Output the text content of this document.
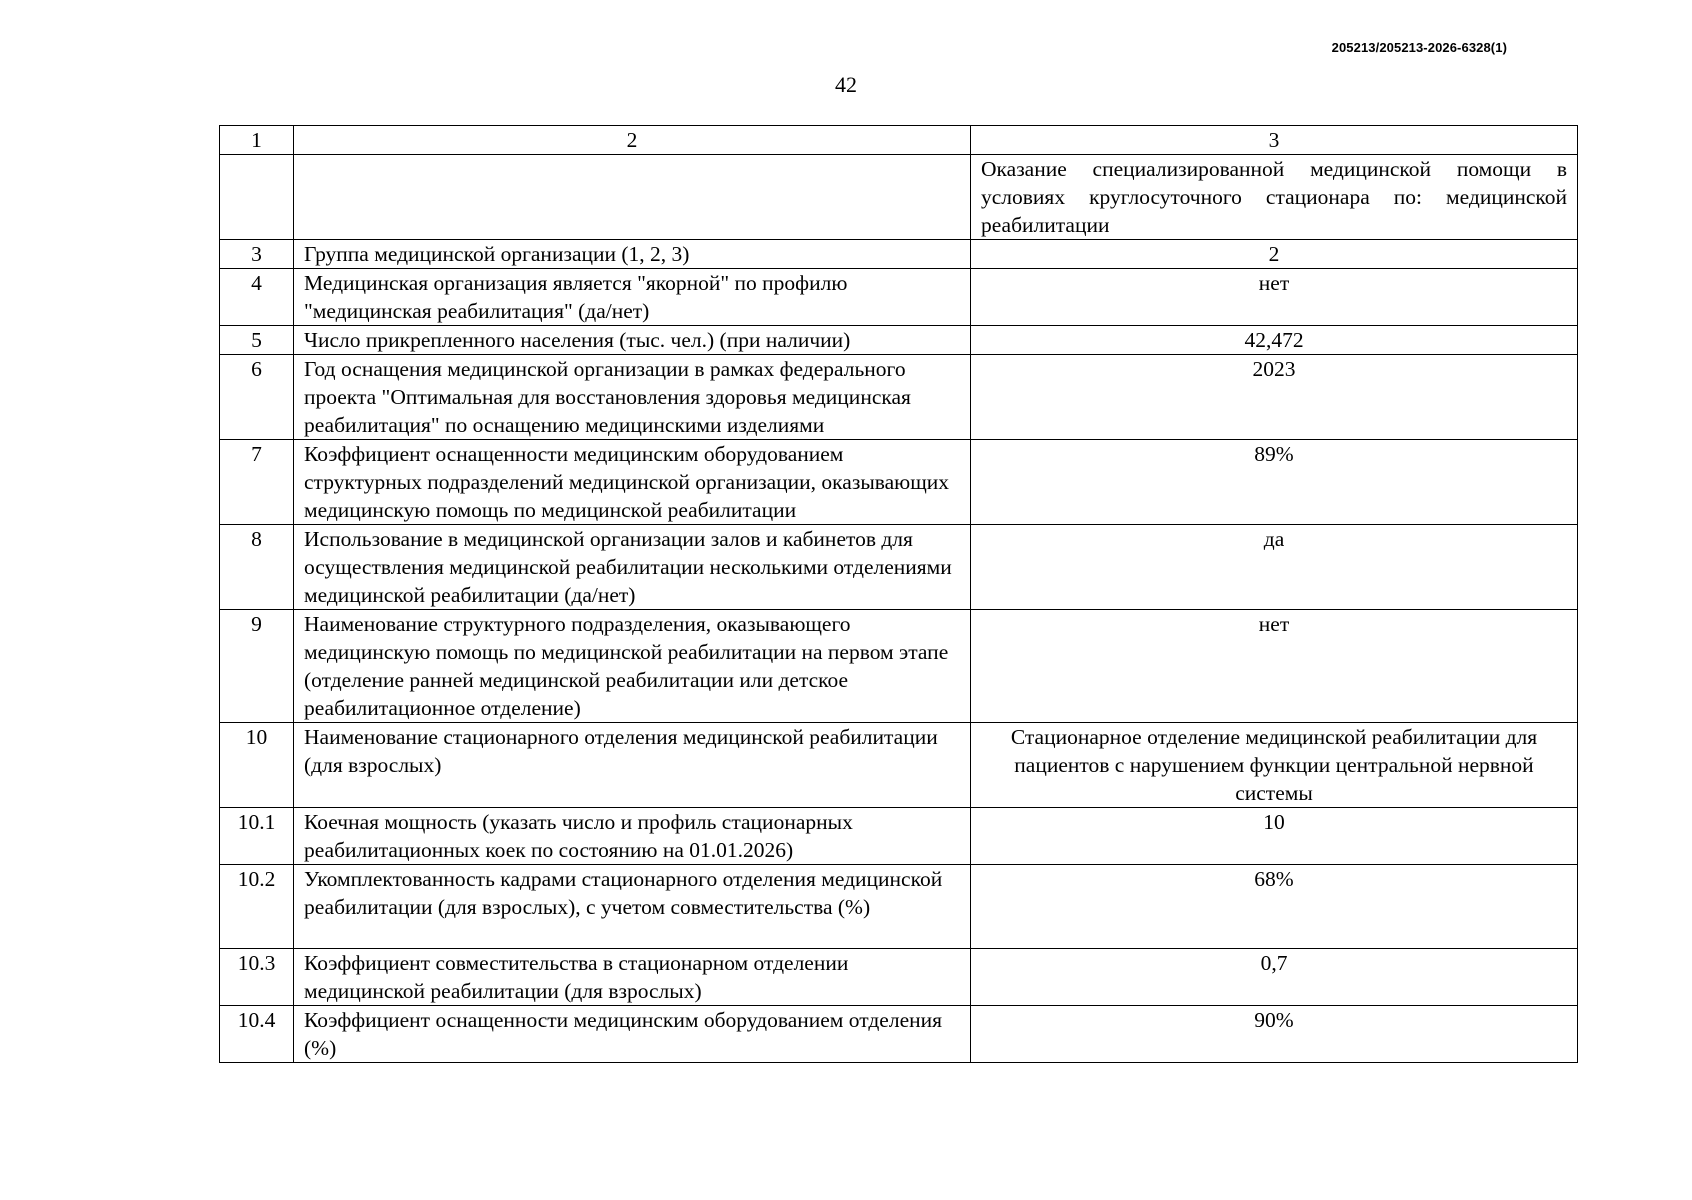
205213/205213-2026-6328(1)
42
1	2	3
		Оказание специализированной медицинской помощи в условиях круглосуточного стационара по: медицинской реабилитации
3	Группа медицинской организации (1, 2, 3)	2
4	Медицинская организация является "якорной" по профилю "медицинская реабилитация" (да/нет)	нет
5	Число прикрепленного населения (тыс. чел.) (при наличии)	42,472
6	Год оснащения медицинской организации в рамках федерального проекта "Оптимальная для восстановления здоровья медицинская реабилитация" по оснащению медицинскими изделиями	2023
7	Коэффициент оснащенности медицинским оборудованием структурных подразделений медицинской организации, оказывающих медицинскую помощь по медицинской реабилитации	89%
8	Использование в медицинской организации залов и кабинетов для осуществления медицинской реабилитации несколькими отделениями медицинской реабилитации (да/нет)	да
9	Наименование структурного подразделения, оказывающего медицинскую помощь по медицинской реабилитации на первом этапе (отделение ранней медицинской реабилитации или детское реабилитационное отделение)	нет
10	Наименование стационарного отделения медицинской реабилитации (для взрослых)	Стационарное отделение медицинской реабилитации для пациентов с нарушением функции центральной нервной системы
10.1	Коечная мощность (указать число и профиль стационарных реабилитационных коек по состоянию на 01.01.2026)	10
10.2	Укомплектованность кадрами стационарного отделения медицинской реабилитации (для взрослых), с учетом совместительства (%)	68%
10.3	Коэффициент совместительства в стационарном отделении медицинской реабилитации (для взрослых)	0,7
10.4	Коэффициент оснащенности медицинским оборудованием отделения (%)	90%
